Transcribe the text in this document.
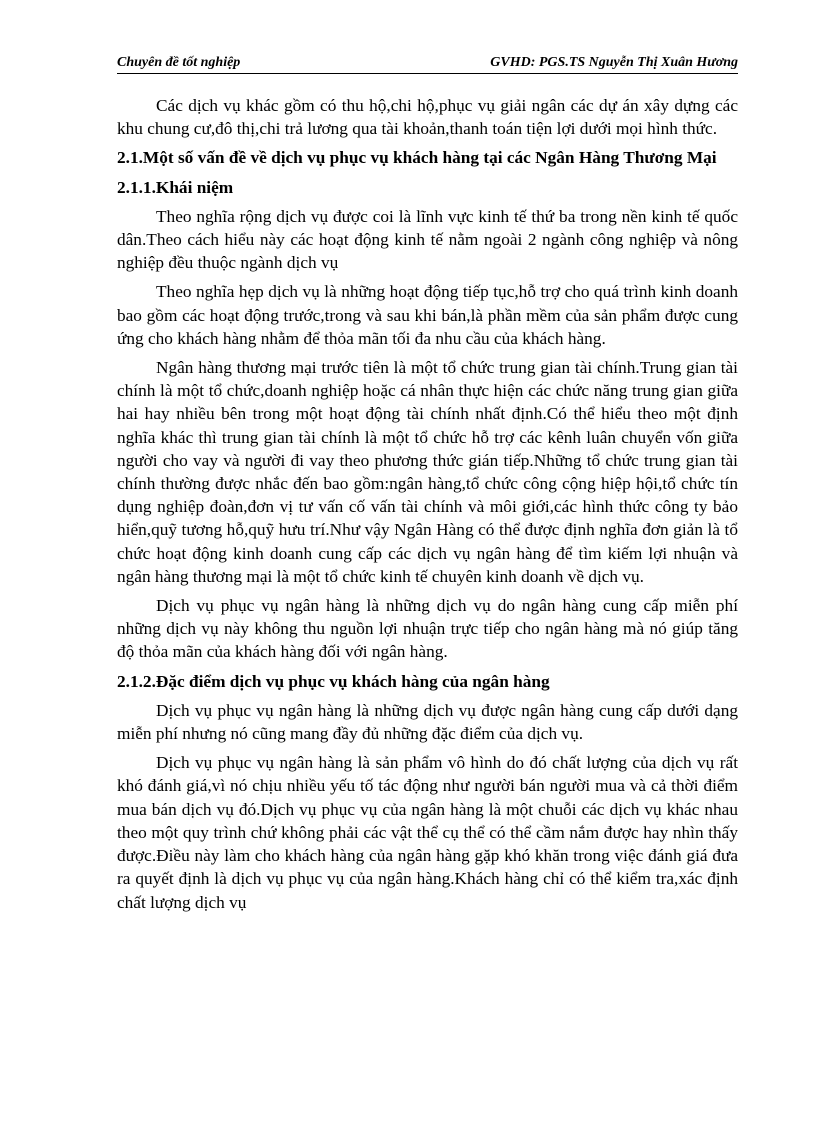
Chuyên đề tốt nghiệp	GVHD: PGS.TS Nguyễn Thị Xuân Hương

Các dịch vụ khác gồm có thu hộ,chi hộ,phục vụ giải ngân các dự án xây dựng các khu chung cư,đô thị,chi trả lương qua tài khoản,thanh toán tiện lợi dưới mọi hình thức.

2.1.Một số vấn đề về dịch vụ phục vụ khách hàng tại các Ngân Hàng Thương Mại
2.1.1.Khái niệm

Theo nghĩa rộng dịch vụ được coi là lĩnh vực kinh tế thứ ba trong nền kinh tế quốc dân.Theo cách hiểu này các hoạt động kinh tế nằm ngoài 2 ngành công nghiệp và nông nghiệp đều thuộc ngành dịch vụ

Theo nghĩa hẹp dịch vụ là những hoạt động tiếp tục,hỗ trợ cho quá trình kinh doanh bao gồm các hoạt động trước,trong và sau khi bán,là phần mềm của sản phẩm được cung ứng cho khách hàng nhằm để thỏa mãn tối đa nhu cầu của khách hàng.

Ngân hàng thương mại trước tiên là một tổ chức trung gian tài chính.Trung gian tài chính là một tổ chức,doanh nghiệp hoặc cá nhân thực hiện các chức năng trung gian giữa hai hay nhiều bên trong một hoạt động tài chính nhất định.Có thể hiểu theo một định nghĩa khác thì trung gian tài chính là một tổ chức hỗ trợ các kênh luân chuyển vốn giữa người cho vay và người đi vay theo phương thức gián tiếp.Những tổ chức trung gian tài chính thường được nhắc đến bao gồm:ngân hàng,tổ chức công cộng hiệp hội,tổ chức tín dụng nghiệp đoàn,đơn vị tư vấn cố vấn tài chính và môi giới,các hình thức công ty bảo hiển,quỹ tương hỗ,quỹ hưu trí.Như vậy Ngân Hàng có thể được định nghĩa đơn giản là tổ chức hoạt động kinh doanh cung cấp các dịch vụ ngân hàng để tìm kiếm lợi nhuận và ngân hàng thương mại là một tổ chức kinh tế chuyên kinh doanh về dịch vụ.

Dịch vụ phục vụ ngân hàng là những dịch vụ do ngân hàng cung cấp miễn phí những dịch vụ này không thu nguồn lợi nhuận trực tiếp cho ngân hàng mà nó giúp tăng độ thỏa mãn của khách hàng đối với ngân hàng.

2.1.2.Đặc điểm dịch vụ phục vụ khách hàng của ngân hàng

Dịch vụ phục vụ ngân hàng là những dịch vụ được ngân hàng cung cấp dưới dạng miễn phí nhưng nó cũng mang đầy đủ những đặc điểm của dịch vụ.

Dịch vụ phục vụ ngân hàng là sản phẩm vô hình do đó chất lượng của dịch vụ rất khó đánh giá,vì nó chịu nhiều yếu tố tác động như người bán người mua và cả thời điểm mua bán dịch vụ đó.Dịch vụ phục vụ của ngân hàng là một chuỗi các dịch vụ khác nhau theo một quy trình chứ không phải các vật thể cụ thể có thể cầm nắm được hay nhìn thấy được.Điều này làm cho khách hàng của ngân hàng gặp khó khăn trong việc đánh giá đưa ra quyết định là dịch vụ phục vụ của ngân hàng.Khách hàng chỉ có thể kiểm tra,xác định chất lượng dịch vụ
